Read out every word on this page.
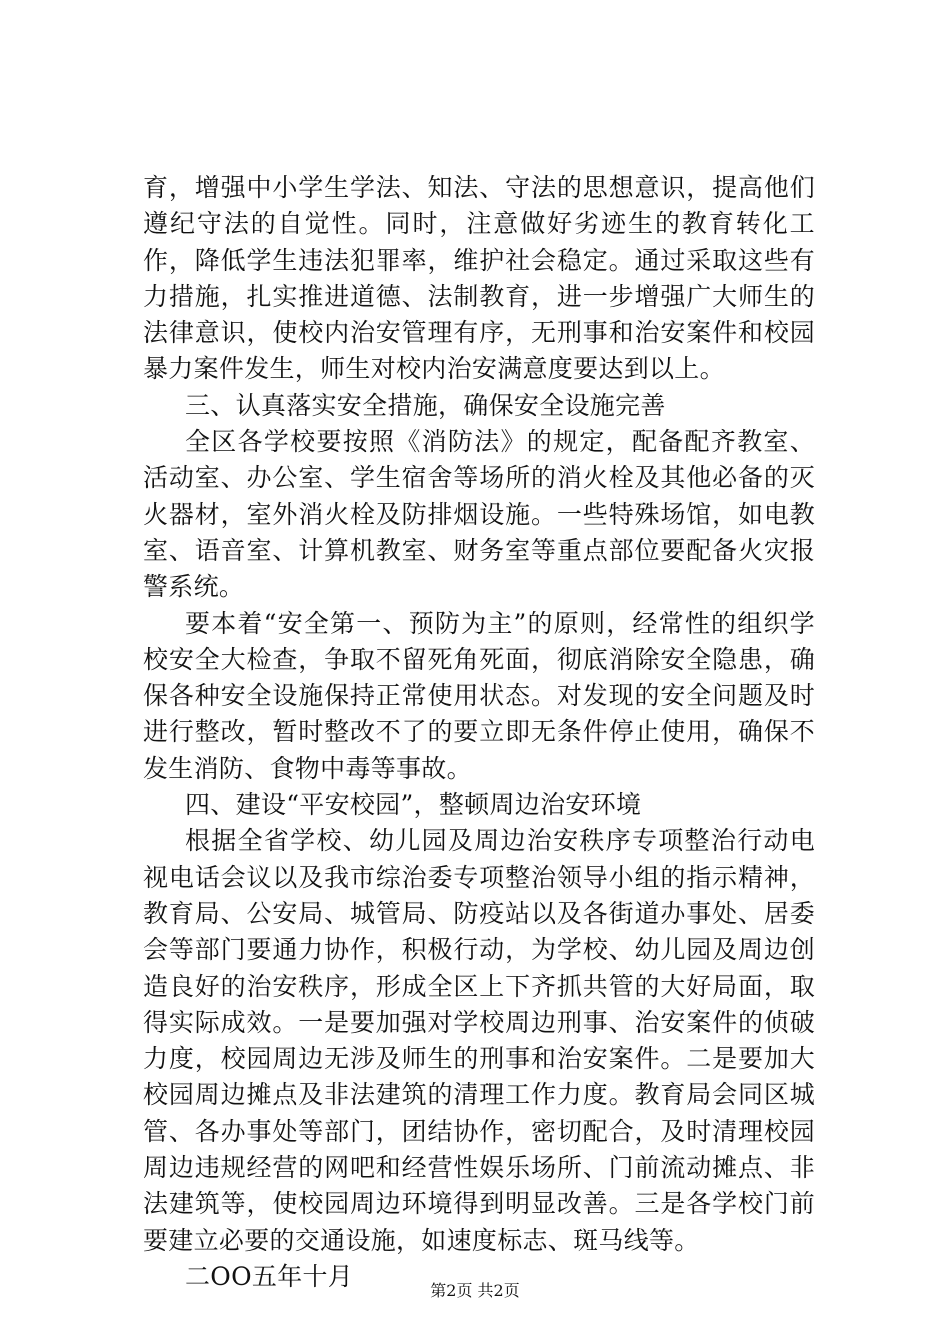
育，增强中小学生学法、知法、守法的思想意识，提高他们遵纪守法的自觉性。同时，注意做好劣迹生的教育转化工作，降低学生违法犯罪率，维护社会稳定。通过采取这些有力措施，扎实推进道德、法制教育，进一步增强广大师生的法律意识，使校内治安管理有序，无刑事和治安案件和校园暴力案件发生，师生对校内治安满意度要达到以上。

三、认真落实安全措施，确保安全设施完善

全区各学校要按照《消防法》的规定，配备配齐教室、活动室、办公室、学生宿舍等场所的消火栓及其他必备的灭火器材，室外消火栓及防排烟设施。一些特殊场馆，如电教室、语音室、计算机教室、财务室等重点部位要配备火灾报警系统。

要本着“安全第一、预防为主”的原则，经常性的组织学校安全大检查，争取不留死角死面，彻底消除安全隐患，确保各种安全设施保持正常使用状态。对发现的安全问题及时进行整改，暂时整改不了的要立即无条件停止使用，确保不发生消防、食物中毒等事故。

四、建设“平安校园”，整顿周边治安环境

根据全省学校、幼儿园及周边治安秩序专项整治行动电视电话会议以及我市综治委专项整治领导小组的指示精神，教育局、公安局、城管局、防疫站以及各街道办事处、居委会等部门要通力协作，积极行动，为学校、幼儿园及周边创造良好的治安秩序，形成全区上下齐抓共管的大好局面，取得实际成效。一是要加强对学校周边刑事、治安案件的侦破力度，校园周边无涉及师生的刑事和治安案件。二是要加大校园周边摊点及非法建筑的清理工作力度。教育局会同区城管、各办事处等部门，团结协作，密切配合，及时清理校园周边违规经营的网吧和经营性娱乐场所、门前流动摊点、非法建筑等，使校园周边环境得到明显改善。三是各学校门前要建立必要的交通设施，如速度标志、斑马线等。

二OO五年十月	第2页 共2页
